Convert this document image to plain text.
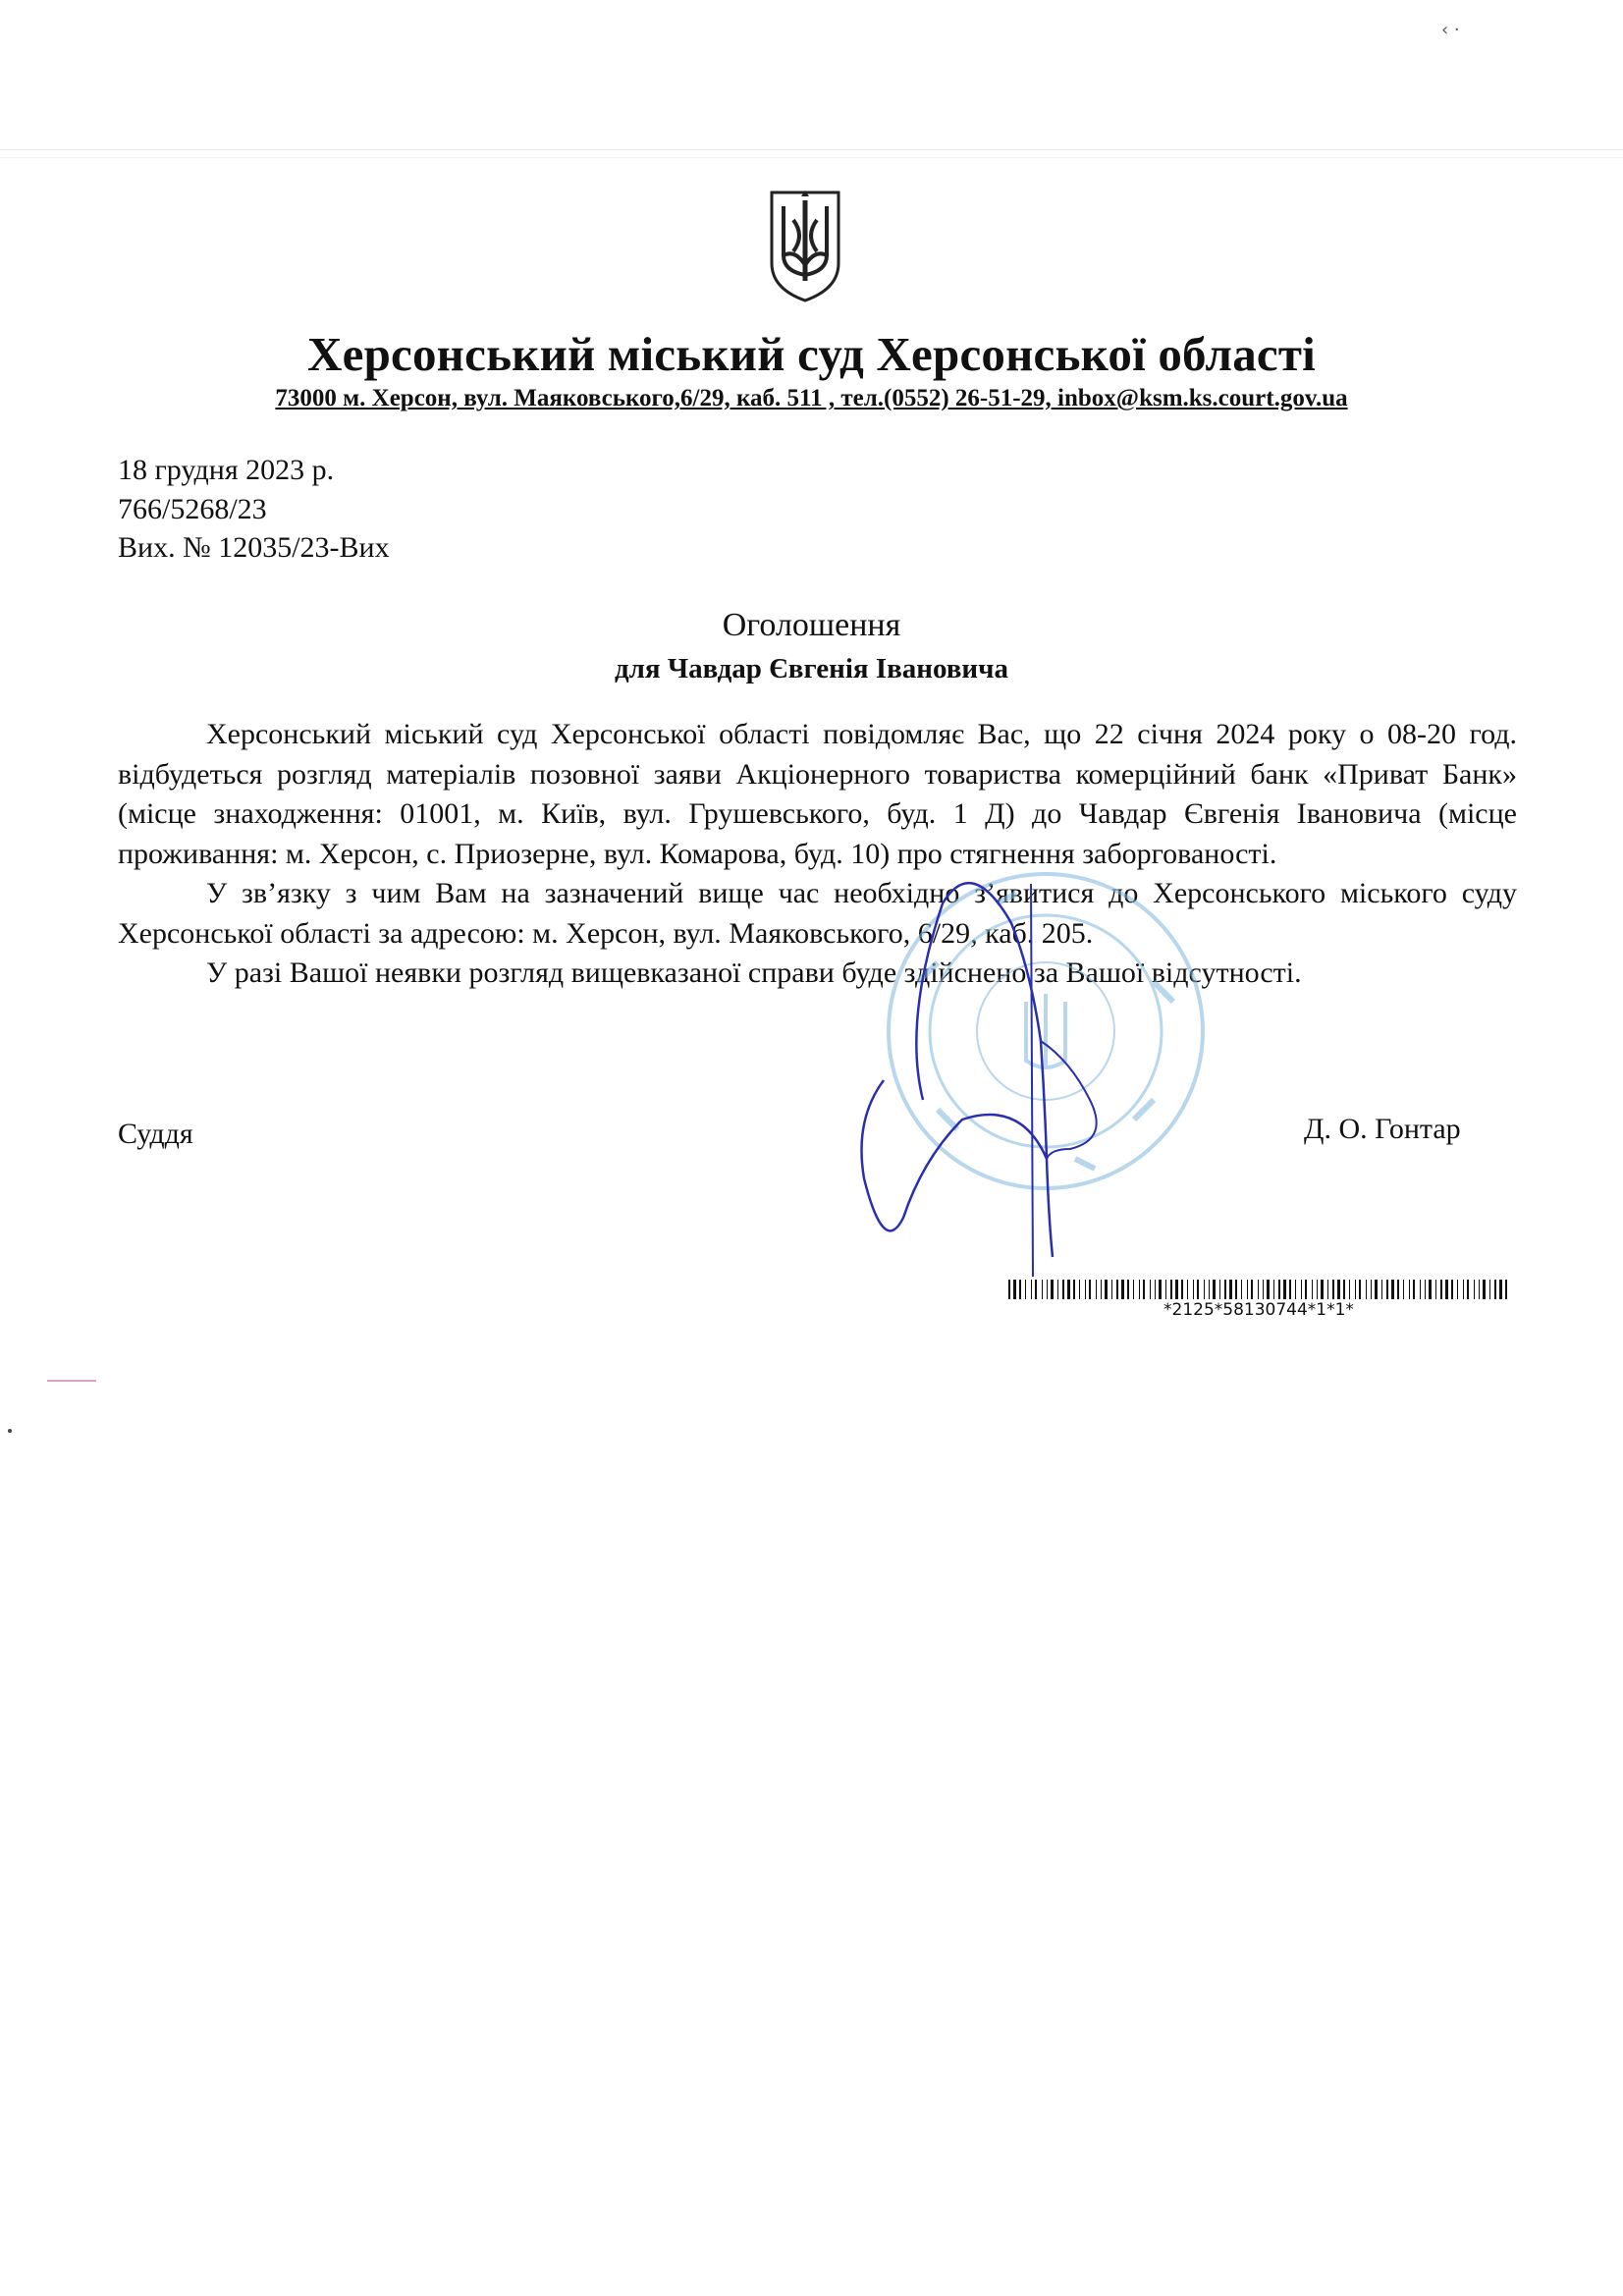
‹ ·
Херсонський міський суд Херсонської області
73000 м. Херсон, вул. Маяковського,6/29, каб. 511 , тел.(0552) 26-51-29, inbox@ksm.ks.court.gov.ua
18 грудня 2023 р.
766/5268/23
Вих. № 12035/23-Вих
Оголошення
для Чавдар Євгенія Івановича

Херсонський міський суд Херсонської області повідомляє Вас, що 22 січня 2024 року о 08-20 год. відбудеться розгляд матеріалів позовної заяви Акціонерного товариства комерційний банк «Приват Банк» (місце знаходження: 01001, м. Київ, вул. Грушевського, буд. 1 Д) до Чавдар Євгенія Івановича (місце проживання: м. Херсон, с. Приозерне, вул. Комарова, буд. 10) про стягнення заборгованості.

У зв’язку з чим Вам на зазначений вище час необхідно з’явитися до Херсонського міського суду Херсонської області за адресою: м. Херсон, вул. Маяковського, 6/29, каб. 205.

У разі Вашої неявки розгляд вищевказаної справи буде здійснено за Вашої відсутності.

Суддя	Д. О. Гонтар
*2125*58130744*1*1*
